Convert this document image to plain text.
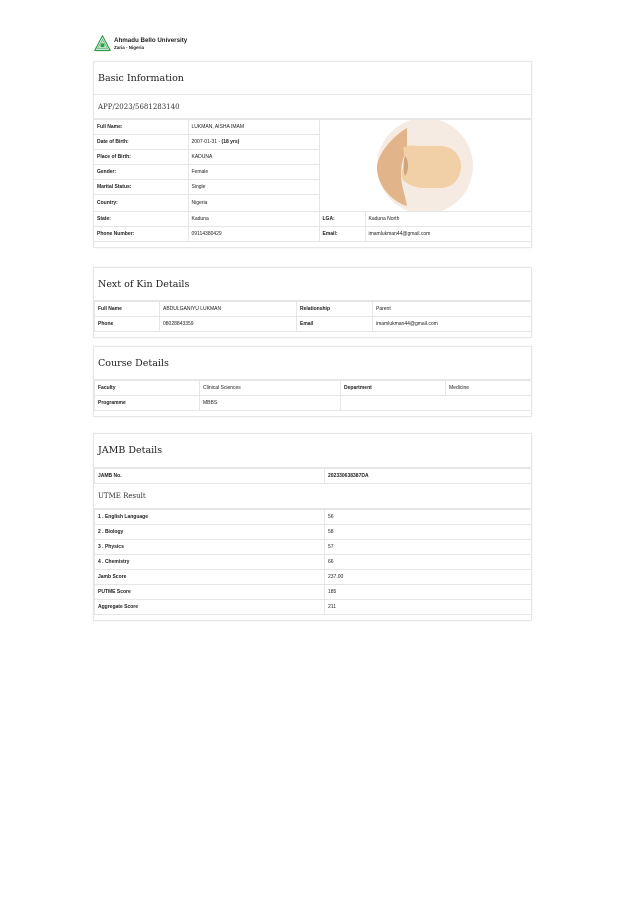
Ahmadu Bello University
Zaria - Nigeria
Basic Information
APP/2023/5681283140
Full Name:	LUKMAN, AISHA IMAM	

Date of Birth:	2007-01-31 - (18 yrs)		
Place of Birth:	KADUNA		
Gender:	Female		
Marital Status:	Single		
Country:	Nigeria		
State:	Kaduna	LGA:	Kaduna North
Phone Number:	09114380429	Email:	imamlukman44@gmail.com
Next of Kin Details
Full Name	ABDULGANIYU LUKMAN	Relationship	Parent
Phone	08028843359	Email	imamlukman44@gmail.com
Course Details
Faculty	Clinical Sciences	Department	Medicine
Programme	MBBS		
JAMB Details
JAMB No.	202330638387DA
UTME Result
1 . English Language	56
2 . Biology	58
3 . Physics	57
4 . Chemistry	66
Jamb Score	237.00
PUTME Score	185
Aggregate Score	211
